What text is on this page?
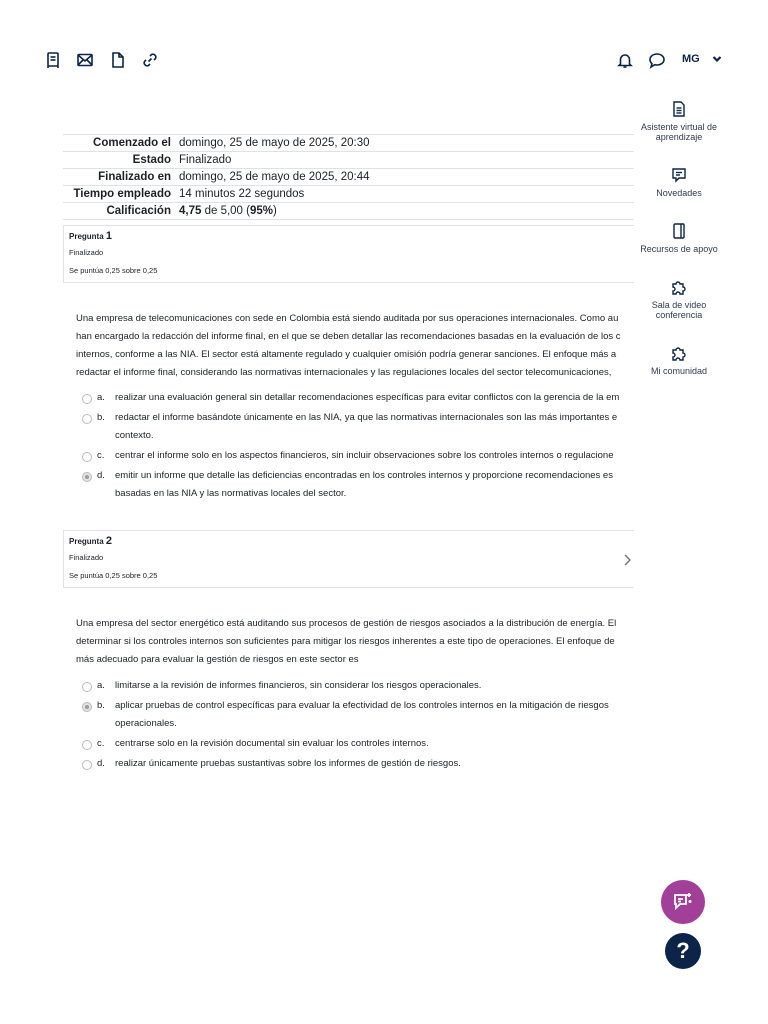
MG
Asistente virtual de aprendizaje
Novedades
Recursos de apoyo
Sala de video conferencia
Mi comunidad
Comenzado el	domingo, 25 de mayo de 2025, 20:30
Estado	Finalizado
Finalizado en	domingo, 25 de mayo de 2025, 20:44
Tiempo empleado	14 minutos 22 segundos
Calificación	4,75 de 5,00 (95%)
Pregunta 1
Finalizado
Se puntúa 0,25 sobre 0,25
Una empresa de telecomunicaciones con sede en Colombia está siendo auditada por sus operaciones internacionales. Como au
han encargado la redacción del informe final, en el que se deben detallar las recomendaciones basadas en la evaluación de los c
internos, conforme a las NIA. El sector está altamente regulado y cualquier omisión podría generar sanciones. El enfoque más a
redactar el informe final, considerando las normativas internacionales y las regulaciones locales del sector telecomunicaciones,
a. realizar una evaluación general sin detallar recomendaciones específicas para evitar conflictos con la gerencia de la em
b. redactar el informe basándote únicamente en las NIA, ya que las normativas internacionales son las más importantes e
contexto.
c. centrar el informe solo en los aspectos financieros, sin incluir observaciones sobre los controles internos o regulacione
d. emitir un informe que detalle las deficiencias encontradas en los controles internos y proporcione recomendaciones es
basadas en las NIA y las normativas locales del sector.
Pregunta 2
Finalizado
Se puntúa 0,25 sobre 0,25
Una empresa del sector energético está auditando sus procesos de gestión de riesgos asociados a la distribución de energía. El
determinar si los controles internos son suficientes para mitigar los riesgos inherentes a este tipo de operaciones. El enfoque de
más adecuado para evaluar la gestión de riesgos en este sector es
a. limitarse a la revisión de informes financieros, sin considerar los riesgos operacionales.
b. aplicar pruebas de control específicas para evaluar la efectividad de los controles internos en la mitigación de riesgos
operacionales.
c. centrarse solo en la revisión documental sin evaluar los controles internos.
d. realizar únicamente pruebas sustantivas sobre los informes de gestión de riesgos.
?
